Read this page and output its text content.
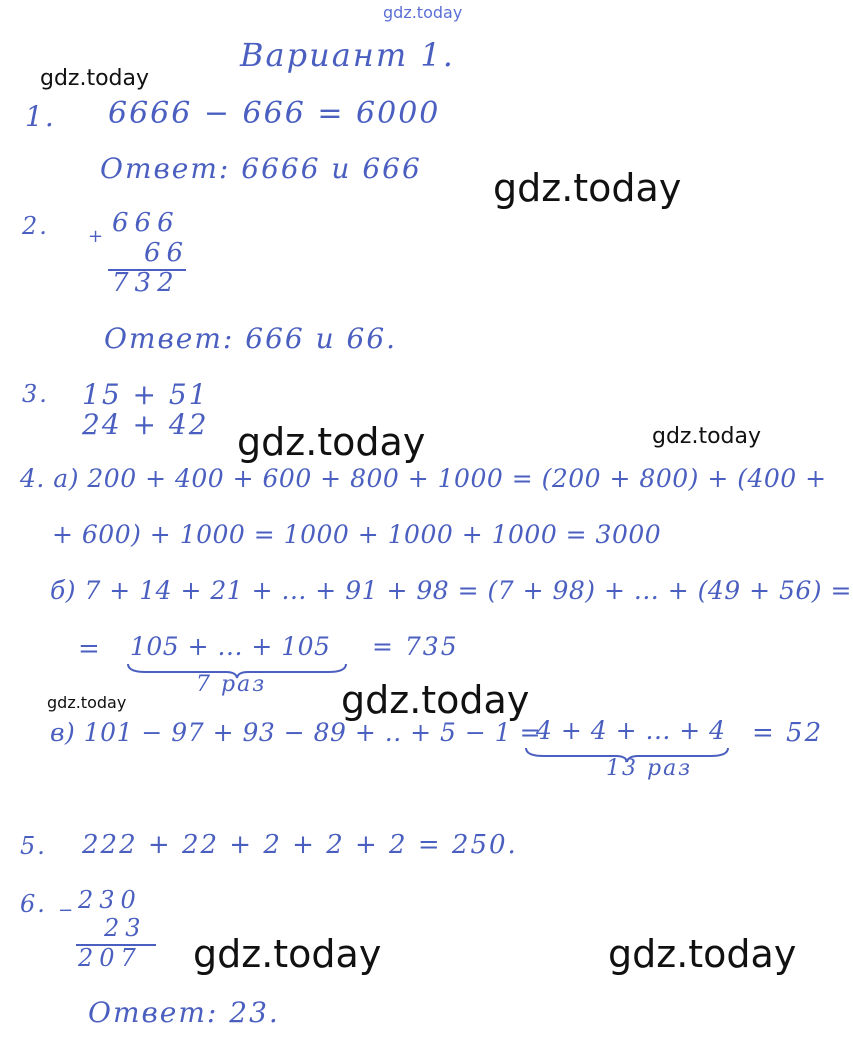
gdz.today
gdz.today
gdz.today
gdz.today	gdz.today
gdz.today	gdz.today
gdz.today	gdz.today
Вариант 1.
1. 6666 − 666 = 6000
Ответ: 6666 и 666
2. + 666
66
732
Ответ: 666 и 66.
3. 15 + 51
24 + 42
4. а) 200 + 400 + 600 + 800 + 1000 = (200 + 800) + (400 +
+ 600) + 1000 = 1000 + 1000 + 1000 = 3000
б) 7 + 14 + 21 + ... + 91 + 98 = (7 + 98) + ... + (49 + 56) =
= 105 + ... + 105
7 раз
= 735
в) 101 − 97 + 93 − 89 + .. + 5 − 1 =
4 + 4 + ... + 4
13 раз
= 52
5. 222 + 22 + 2 + 2 + 2 = 250.
6. − 230
23
207
Ответ: 23.
